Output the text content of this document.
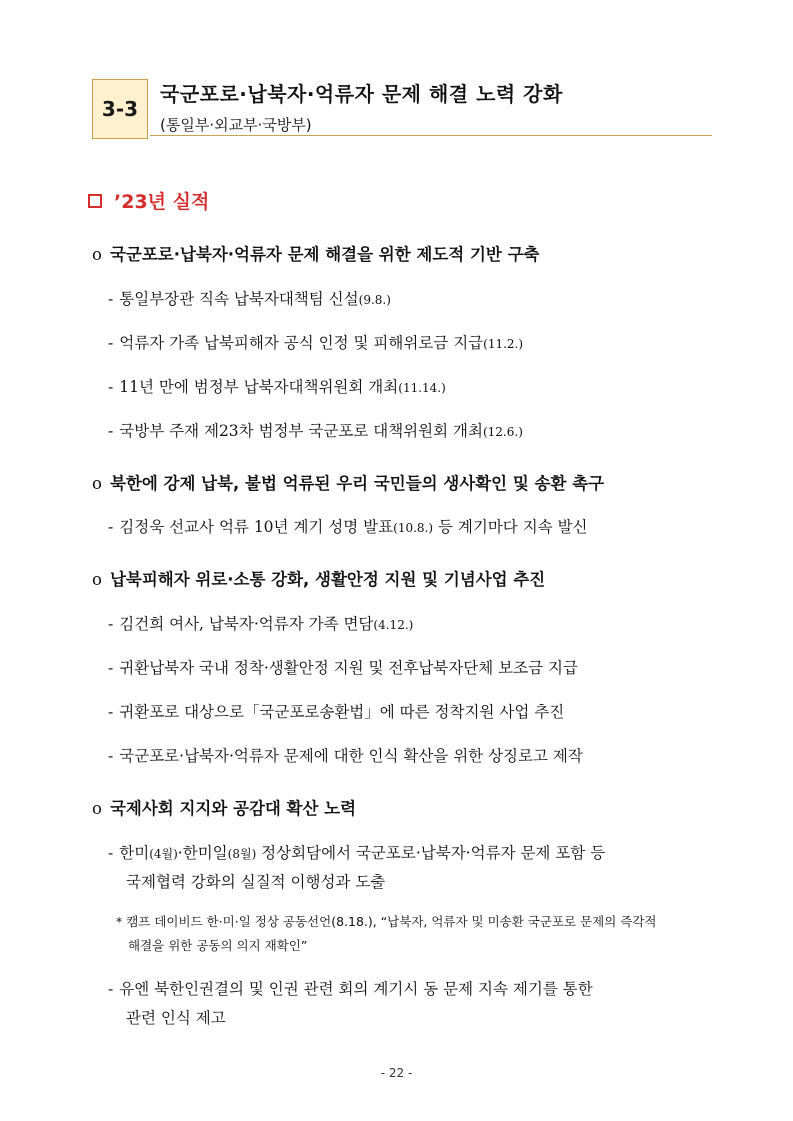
3-3
국군포로·납북자·억류자 문제 해결 노력 강화
(통일부·외교부·국방부)
’23년 실적
o 국군포로·납북자·억류자 문제 해결을 위한 제도적 기반 구축
- 통일부장관 직속 납북자대책팀 신설(9.8.)
- 억류자 가족 납북피해자 공식 인정 및 피해위로금 지급(11.2.)
- 11년 만에 범정부 납북자대책위원회 개최(11.14.)
- 국방부 주재 제23차 범정부 국군포로 대책위원회 개최(12.6.)
o 북한에 강제 납북, 불법 억류된 우리 국민들의 생사확인 및 송환 촉구
- 김정욱 선교사 억류 10년 계기 성명 발표(10.8.) 등 계기마다 지속 발신
o 납북피해자 위로·소통 강화, 생활안정 지원 및 기념사업 추진
- 김건희 여사, 납북자·억류자 가족 면담(4.12.)
- 귀환납북자 국내 정착·생활안정 지원 및 전후납북자단체 보조금 지급
- 귀환포로 대상으로「국군포로송환법」에 따른 정착지원 사업 추진
- 국군포로·납북자·억류자 문제에 대한 인식 확산을 위한 상징로고 제작
o 국제사회 지지와 공감대 확산 노력
- 한미(4월)·한미일(8월) 정상회담에서 국군포로·납북자·억류자 문제 포함 등
국제협력 강화의 실질적 이행성과 도출
* 캠프 데이비드 한·미·일 정상 공동선언(8.18.), “납북자, 억류자 및 미송환 국군포로 문제의 즉각적
해결을 위한 공동의 의지 재확인”
- 유엔 북한인권결의 및 인권 관련 회의 계기시 동 문제 지속 제기를 통한
관련 인식 제고
- 22 -
